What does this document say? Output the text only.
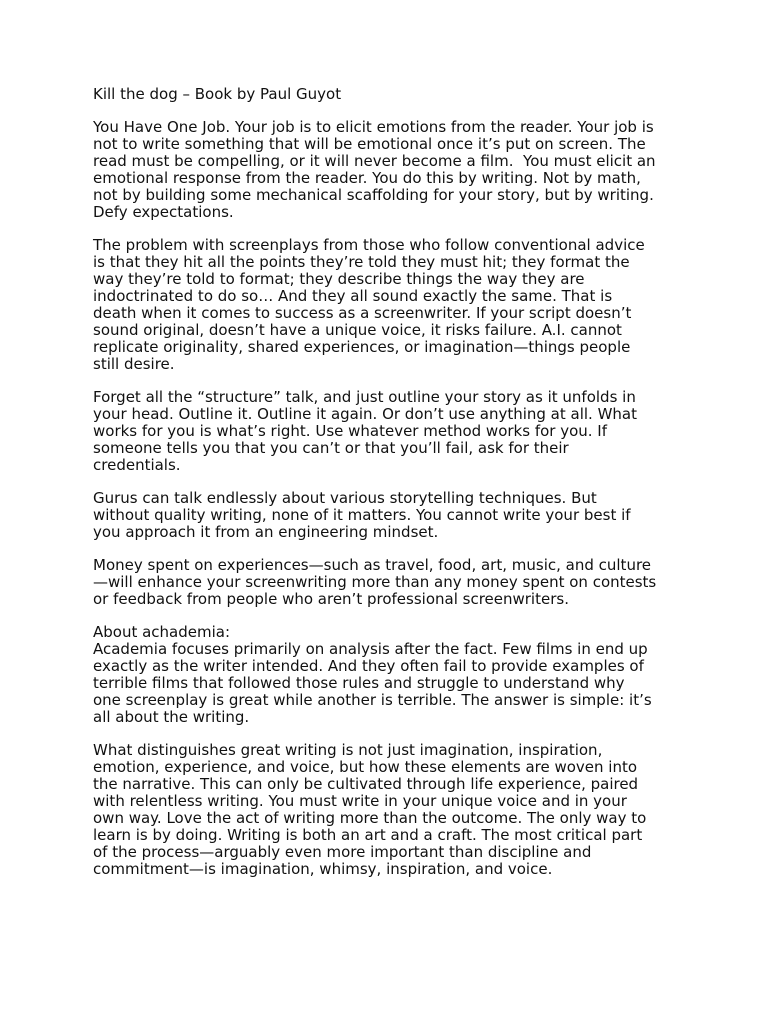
Kill the dog – Book by Paul Guyot
You Have One Job. Your job is to elicit emotions from the reader. Your job is
not to write something that will be emotional once it’s put on screen. The
read must be compelling, or it will never become a film.  You must elicit an
emotional response from the reader. You do this by writing. Not by math,
not by building some mechanical scaffolding for your story, but by writing.
Defy expectations.
The problem with screenplays from those who follow conventional advice
is that they hit all the points they’re told they must hit; they format the
way they’re told to format; they describe things the way they are
indoctrinated to do so… And they all sound exactly the same. That is
death when it comes to success as a screenwriter. If your script doesn’t
sound original, doesn’t have a unique voice, it risks failure. A.I. cannot
replicate originality, shared experiences, or imagination—things people
still desire.
Forget all the “structure” talk, and just outline your story as it unfolds in
your head. Outline it. Outline it again. Or don’t use anything at all. What
works for you is what’s right. Use whatever method works for you. If
someone tells you that you can’t or that you’ll fail, ask for their
credentials.
Gurus can talk endlessly about various storytelling techniques. But
without quality writing, none of it matters. You cannot write your best if
you approach it from an engineering mindset.
Money spent on experiences—such as travel, food, art, music, and culture
—will enhance your screenwriting more than any money spent on contests
or feedback from people who aren’t professional screenwriters.
About achademia:
Academia focuses primarily on analysis after the fact. Few films in end up
exactly as the writer intended. And they often fail to provide examples of
terrible films that followed those rules and struggle to understand why
one screenplay is great while another is terrible. The answer is simple: it’s
all about the writing.
What distinguishes great writing is not just imagination, inspiration,
emotion, experience, and voice, but how these elements are woven into
the narrative. This can only be cultivated through life experience, paired
with relentless writing. You must write in your unique voice and in your
own way. Love the act of writing more than the outcome. The only way to
learn is by doing. Writing is both an art and a craft. The most critical part
of the process—arguably even more important than discipline and
commitment—is imagination, whimsy, inspiration, and voice.
